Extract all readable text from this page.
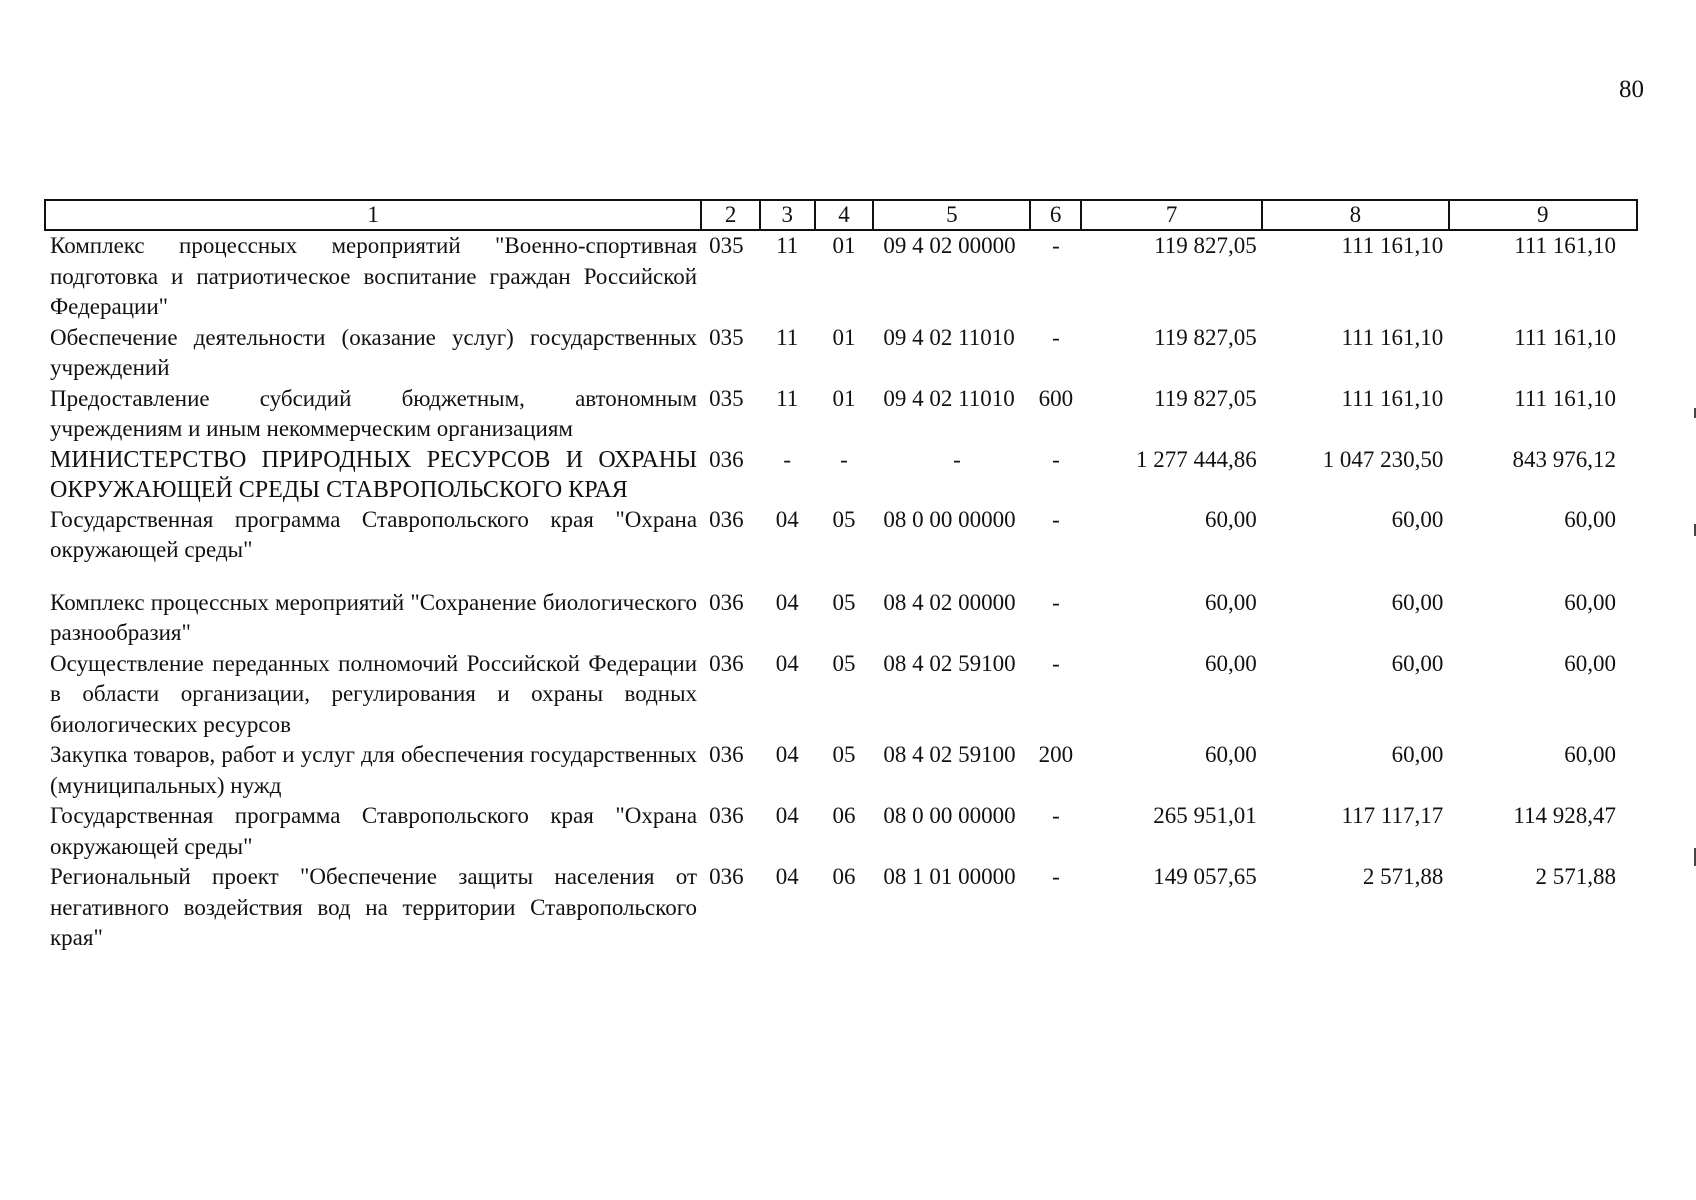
80
1	2	3	4	5	6	7	8	9
Комплекс процессных мероприятий "Военно-спортивная подготовка и патриотическое воспитание граждан Российской Федерации"	035	11	01	09 4 02 00000	-	119 827,05	111 161,10	111 161,10
Обеспечение деятельности (оказание услуг) государственных учреждений	035	11	01	09 4 02 11010	-	119 827,05	111 161,10	111 161,10
Предоставление субсидий бюджетным, автономным учреждениям и иным некоммерческим организациям	035	11	01	09 4 02 11010	600	119 827,05	111 161,10	111 161,10
МИНИСТЕРСТВО ПРИРОДНЫХ РЕСУРСОВ И ОХРАНЫ ОКРУЖАЮЩЕЙ СРЕДЫ СТАВРОПОЛЬСКОГО КРАЯ	036	-	-	-	-	1 277 444,86	1 047 230,50	843 976,12
Государственная программа Ставропольского края "Охрана окружающей среды"	036	04	05	08 0 00 00000	-	60,00	60,00	60,00

Комплекс процессных мероприятий "Сохранение биологического разнообразия"	036	04	05	08 4 02 00000	-	60,00	60,00	60,00
Осуществление переданных полномочий Российской Федерации в области организации, регулирования и охраны водных биологических ресурсов	036	04	05	08 4 02 59100	-	60,00	60,00	60,00
Закупка товаров, работ и услуг для обеспечения государственных (муниципальных) нужд	036	04	05	08 4 02 59100	200	60,00	60,00	60,00
Государственная программа Ставропольского края "Охрана окружающей среды"	036	04	06	08 0 00 00000	-	265 951,01	117 117,17	114 928,47
Региональный проект "Обеспечение защиты населения от негативного воздействия вод на территории Ставропольского края"	036	04	06	08 1 01 00000	-	149 057,65	2 571,88	2 571,88
